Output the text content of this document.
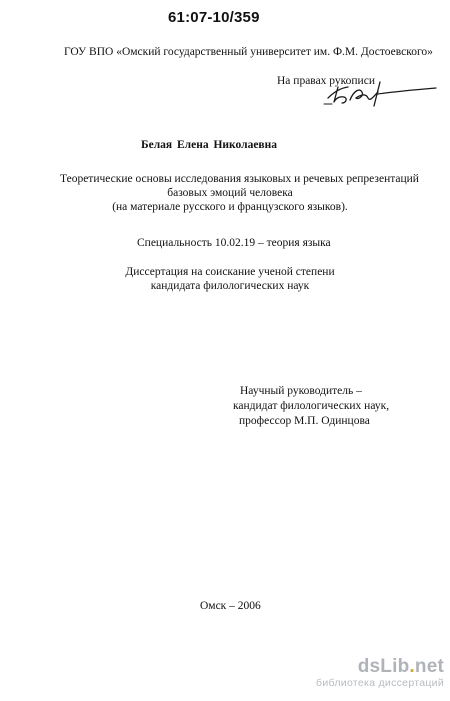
61:07-10/359
ГОУ ВПО «Омский государственный университет им. Ф.М. Достоевского»
На правах рукописи
Белая Елена Николаевна
Теоретические основы исследования языковых и речевых репрезентаций
базовых эмоций человека
(на материале русского и французского языков).
Специальность 10.02.19 – теория языка
Диссертация на соискание ученой степени
кандидата филологических наук
Научный руководитель –
кандидат филологических наук,
профессор М.П. Одинцова
Омск – 2006
dsLib.net
библиотека диссертаций
